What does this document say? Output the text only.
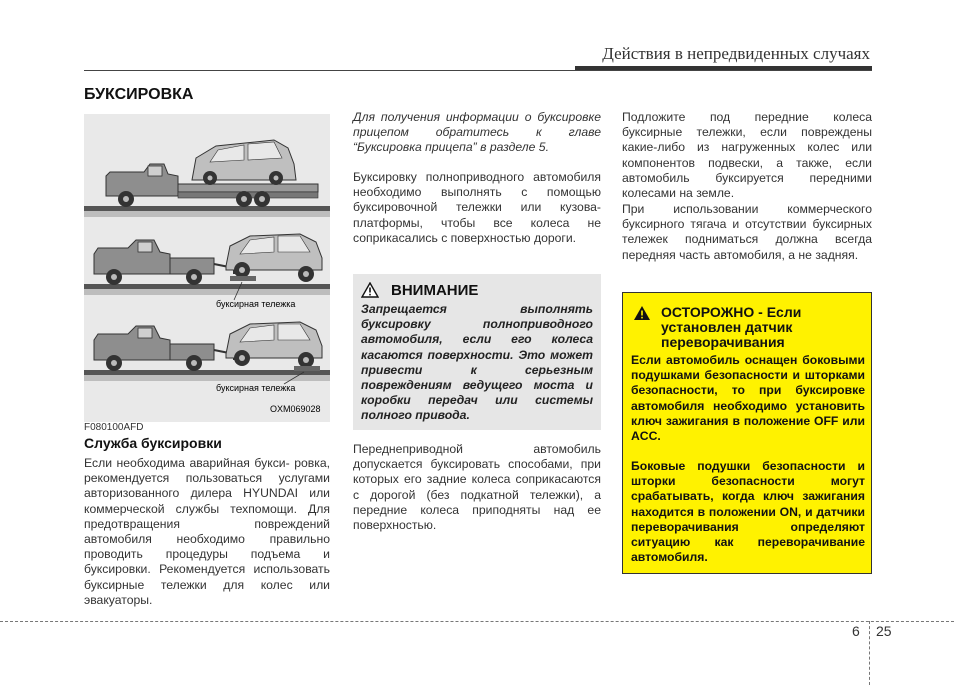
Действия в непредвиденных случаях
БУКСИРОВКА
буксирная тележка
буксирная тележка
OXM069028
F080100AFD
Служба буксировки

Если необходима аварийная букси- ровка, рекомендуется пользоваться услугами авторизованного дилера HYUNDAI или коммерческой службы техпомощи. Для предотвращения повреждений автомобиля необходимо правильно проводить процедуры подъема и буксировки. Рекомендуется использовать буксирные тележки для колес или эвакуаторы.

Для получения информации о буксировке прицепом обратитесь к главе “Буксировка прицепа” в разделе 5.

Буксировку полноприводного автомобиля необходимо выполнять с помощью буксировочной тележки или кузова-платформы, чтобы все колеса не соприкасались с поверхностью дороги.

ВНИМАНИЕ

Запрещается выполнять буксировку полноприводного автомобиля, если его колеса касаются поверхности. Это может привести к серьезным повреждениям ведущего моста и коробки передач или системы полного привода.

Переднеприводной автомобиль допускается буксировать способами, при которых его задние колеса соприкасаются с дорогой (без подкатной тележки), а передние колеса приподняты над ее поверхностью.

Подложите под передние колеса буксирные тележки, если повреждены какие-либо из нагруженных колес или компонентов подвески, а также, если автомобиль буксируется передними колесами на земле.

При использовании коммерческого буксирного тягача и отсутствии буксирных тележек подниматься должна всегда передняя часть автомобиля, а не задняя.

ОСТОРОЖНО - Если установлен датчик переворачивания

Если автомобиль оснащен боковыми подушками безопасности и шторками безопасности, то при буксировке автомобиля необходимо установить ключ зажигания в положение OFF или ACC.

Боковые подушки безопасности и шторки безопасности могут срабатывать, когда ключ зажигания находится в положении ON, и датчики переворачивания определяют ситуацию как переворачивание автомобиля.

6 25
